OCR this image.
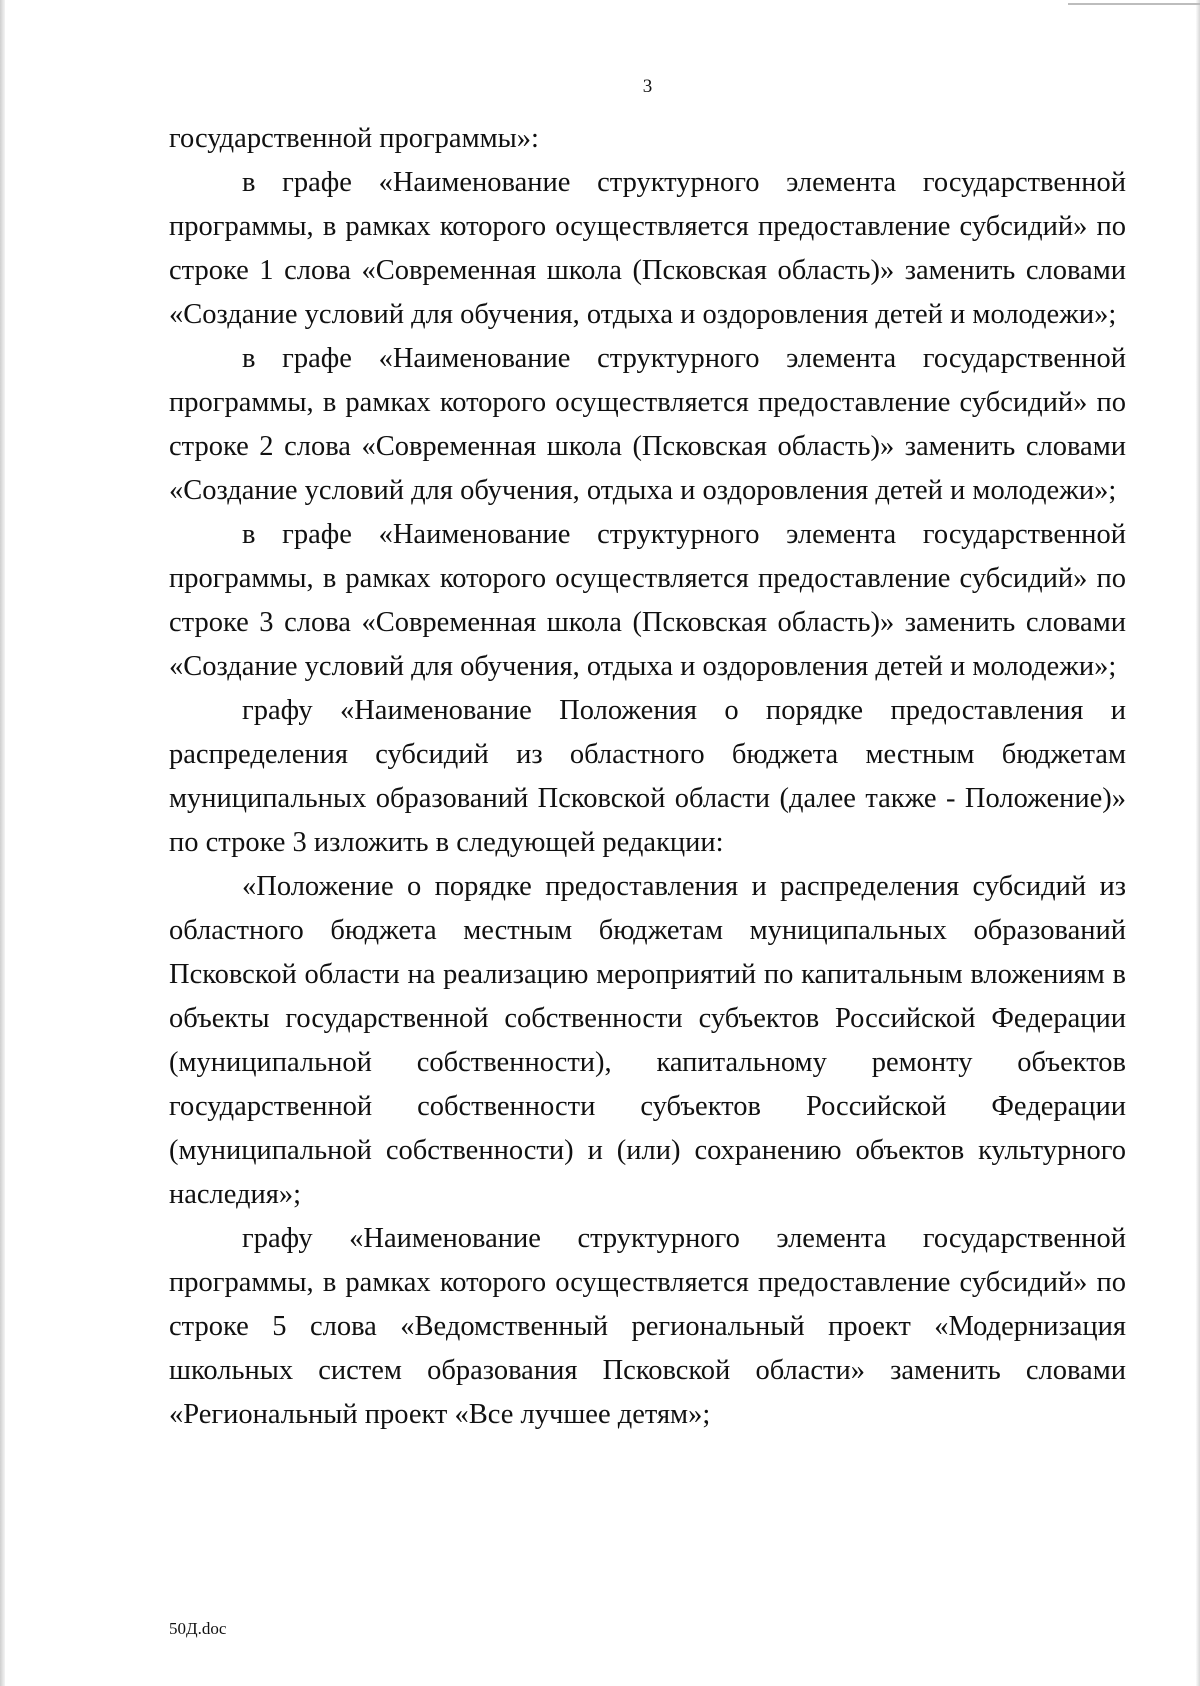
3

государственной программы»:

в графе «Наименование структурного элемента государственной программы, в рамках которого осуществляется предоставление субсидий» по строке 1 слова «Современная школа (Псковская область)» заменить словами «Создание условий для обучения, отдыха и оздоровления детей и молодежи»;

в графе «Наименование структурного элемента государственной программы, в рамках которого осуществляется предоставление субсидий» по строке 2 слова «Современная школа (Псковская область)» заменить словами «Создание условий для обучения, отдыха и оздоровления детей и молодежи»;

в графе «Наименование структурного элемента государственной программы, в рамках которого осуществляется предоставление субсидий» по строке 3 слова «Современная школа (Псковская область)» заменить словами «Создание условий для обучения, отдыха и оздоровления детей и молодежи»;

графу «Наименование Положения о порядке предоставления и распределения субсидий из областного бюджета местным бюджетам муниципальных образований Псковской области (далее также - Положение)» по строке 3 изложить в следующей редакции:

«Положение о порядке предоставления и распределения субсидий из областного бюджета местным бюджетам муниципальных образований Псковской области на реализацию мероприятий по капитальным вложениям в объекты государственной собственности субъектов Российской Федерации (муниципальной собственности), капитальному ремонту объектов государственной собственности субъектов Российской Федерации (муниципальной собственности) и (или) сохранению объектов культурного наследия»;

графу «Наименование структурного элемента государственной программы, в рамках которого осуществляется предоставление субсидий» по строке 5 слова «Ведомственный региональный проект «Модернизация школьных систем образования Псковской области» заменить словами «Региональный проект «Все лучшее детям»;

50Д.doc
